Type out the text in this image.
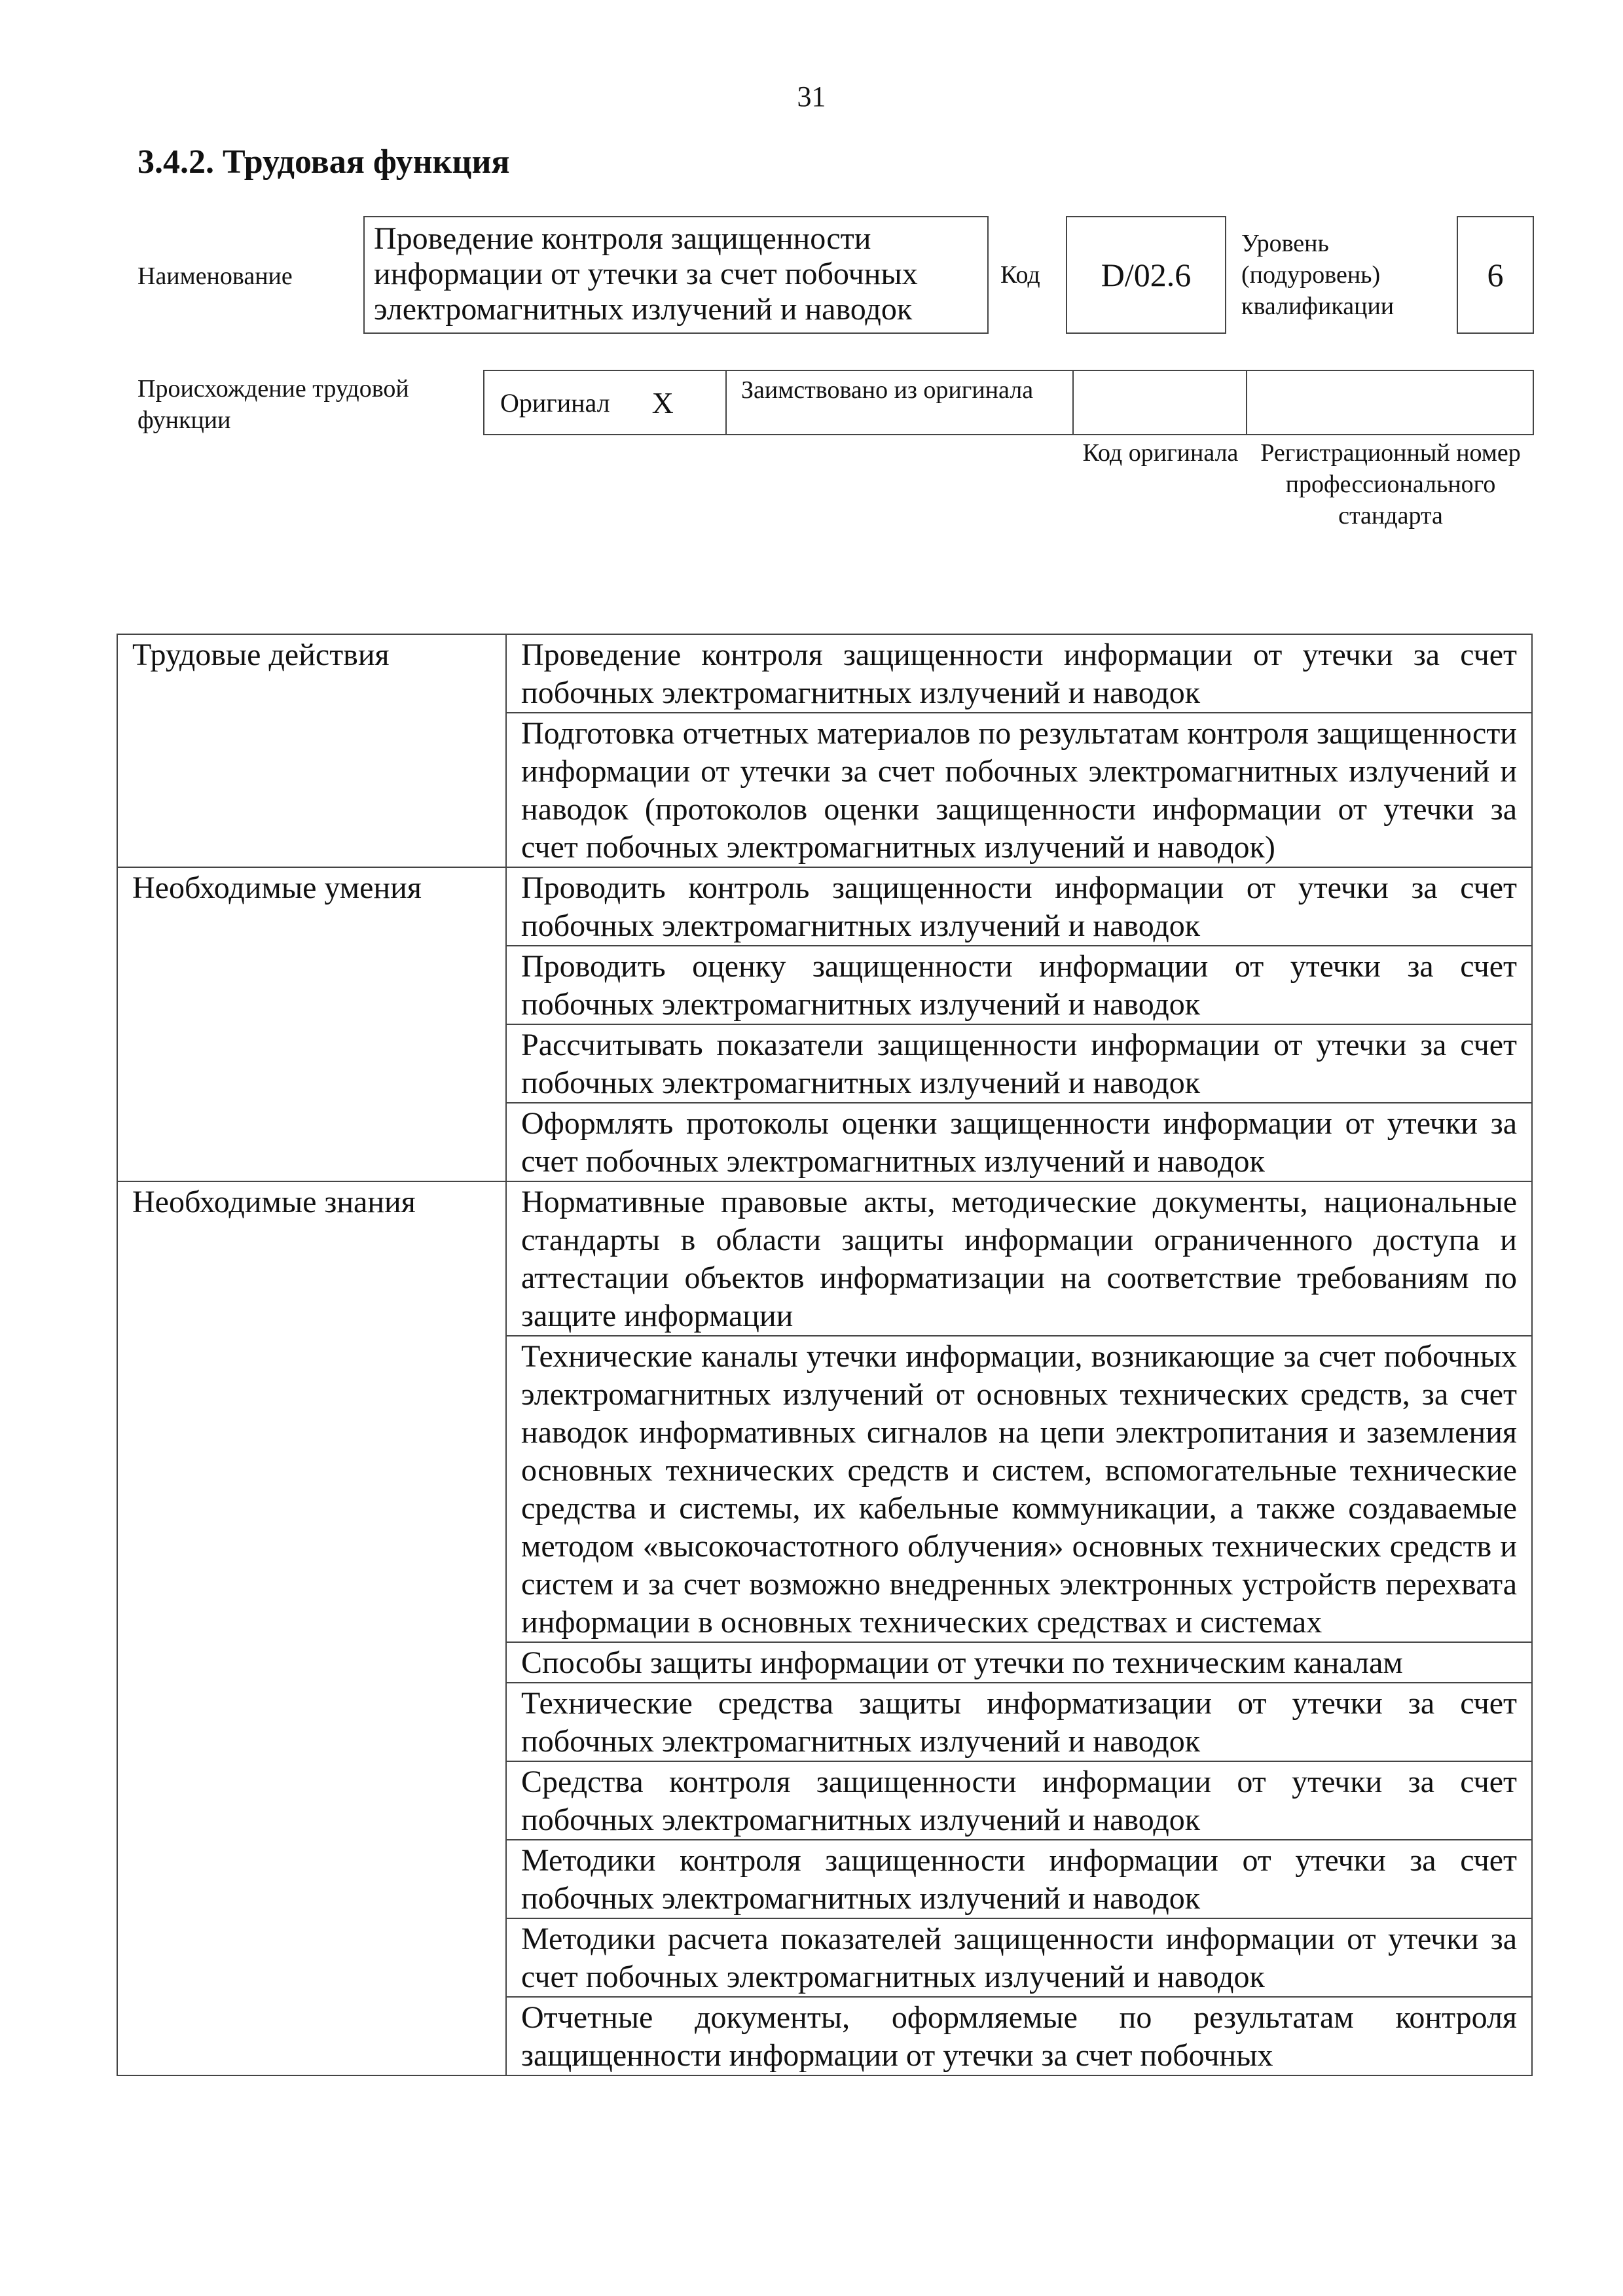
31
3.4.2. Трудовая функция
Наименование
Проведение контроля защищенности информации от утечки за счет побочных электромагнитных излучений и наводок
Код	D/02.6
Уровень (подуровень) квалификации
6
Происхождение трудовой функции
Оригинал X	Заимствовано из оригинала
Код оригинала Регистрационный номер профессионального стандарта
Трудовые действия	Проведение контроля защищенности информации от утечки за счет побочных электромагнитных излучений и наводок
	Подготовка отчетных материалов по результатам контроля защищенности информации от утечки за счет побочных электромагнитных излучений и наводок (протоколов оценки защищенности информации от утечки за счет побочных электромагнитных излучений и наводок)
Необходимые умения	Проводить контроль защищенности информации от утечки за счет побочных электромагнитных излучений и наводок
	Проводить оценку защищенности информации от утечки за счет побочных электромагнитных излучений и наводок
	Рассчитывать показатели защищенности информации от утечки за счет побочных электромагнитных излучений и наводок
	Оформлять протоколы оценки защищенности информации от утечки за счет побочных электромагнитных излучений и наводок
Необходимые знания	Нормативные правовые акты, методические документы, национальные стандарты в области защиты информации ограниченного доступа и аттестации объектов информатизации на соответствие требованиям по защите информации
	Технические каналы утечки информации, возникающие за счет побочных электромагнитных излучений от основных технических средств, за счет наводок информативных сигналов на цепи электропитания и заземления основных технических средств и систем, вспомогательные технические средства и системы, их кабельные коммуникации, а также создаваемые методом «высокочастотного облучения» основных технических средств и систем и за счет возможно внедренных электронных устройств перехвата информации в основных технических средствах и системах
	Способы защиты информации от утечки по техническим каналам
	Технические средства защиты информатизации от утечки за счет побочных электромагнитных излучений и наводок
	Средства контроля защищенности информации от утечки за счет побочных электромагнитных излучений и наводок
	Методики контроля защищенности информации от утечки за счет побочных электромагнитных излучений и наводок
	Методики расчета показателей защищенности информации от утечки за счет побочных электромагнитных излучений и наводок
	Отчетные документы, оформляемые по результатам контроля защищенности информации от утечки за счет побочных
